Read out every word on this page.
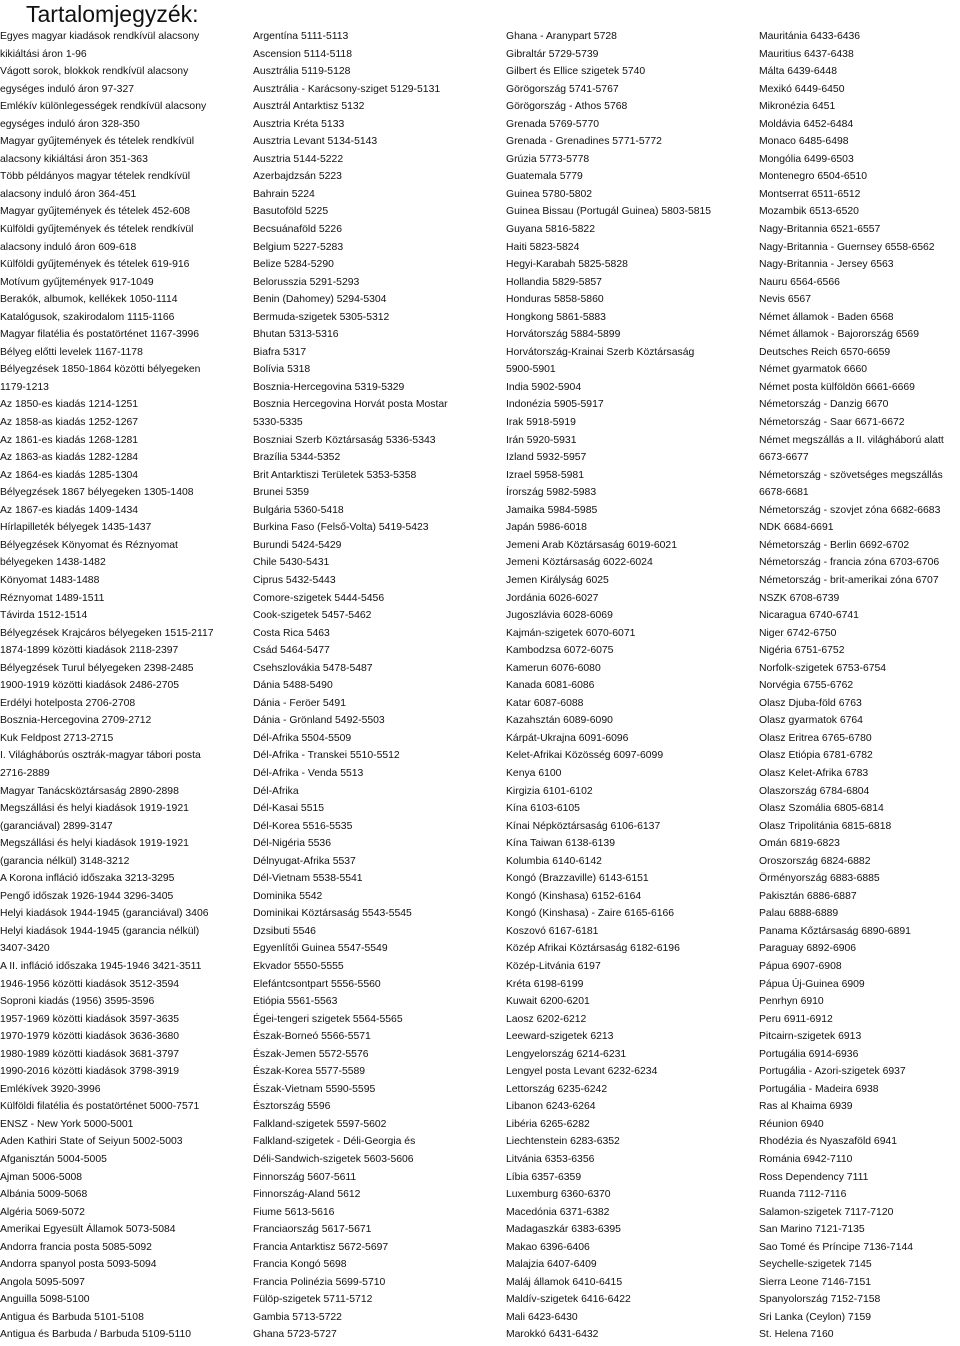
Tartalomjegyzék:
Egyes magyar kiadások rendkívül alacsony
kikiáltási áron 1-96
Vágott sorok, blokkok rendkívül alacsony
egységes induló áron 97-327
Emlékív különlegességek rendkívül alacsony
egységes induló áron 328-350
Magyar gyűjtemények és tételek rendkívül
alacsony kikiáltási áron 351-363
Több példányos magyar tételek rendkívül
alacsony induló áron 364-451
Magyar gyűjtemények és tételek 452-608
Külföldi gyűjtemények és tételek rendkívül
alacsony induló áron 609-618
Külföldi gyűjtemények és tételek 619-916
Motívum gyűjtemények 917-1049
Berakók, albumok, kellékek 1050-1114
Katalógusok, szakirodalom 1115-1166
Magyar filatélia és postatörténet 1167-3996
Bélyeg előtti levelek 1167-1178
Bélyegzések 1850-1864 közötti bélyegeken
1179-1213
Az 1850-es kiadás 1214-1251
Az 1858-as kiadás 1252-1267
Az 1861-es kiadás 1268-1281
Az 1863-as kiadás 1282-1284
Az 1864-es kiadás 1285-1304
Bélyegzések 1867 bélyegeken 1305-1408
Az 1867-es kiadás 1409-1434
Hírlapilleték bélyegek 1435-1437
Bélyegzések Könyomat és Réznyomat
bélyegeken 1438-1482
Könyomat 1483-1488
Réznyomat 1489-1511
Távirda 1512-1514
Bélyegzések Krajcáros bélyegeken 1515-2117
1874-1899 közötti kiadások 2118-2397
Bélyegzések Turul bélyegeken 2398-2485
1900-1919 közötti kiadások 2486-2705
Erdélyi hotelposta 2706-2708
Bosznia-Hercegovina 2709-2712
Kuk Feldpost 2713-2715
I. Világháborús osztrák-magyar tábori posta
2716-2889
Magyar Tanácsköztársaság 2890-2898
Megszállási és helyi kiadások 1919-1921
(garanciával) 2899-3147
Megszállási és helyi kiadások 1919-1921
(garancia nélkül) 3148-3212
A Korona infláció időszaka 3213-3295
Pengő időszak 1926-1944 3296-3405
Helyi kiadások 1944-1945 (garanciával) 3406
Helyi kiadások 1944-1945 (garancia nélkül)
3407-3420
A II. infláció időszaka 1945-1946 3421-3511
1946-1956 közötti kiadások 3512-3594
Soproni kiadás (1956) 3595-3596
1957-1969 közötti kiadások 3597-3635
1970-1979 közötti kiadások 3636-3680
1980-1989 közötti kiadások 3681-3797
1990-2016 közötti kiadások 3798-3919
Emlékívek 3920-3996
Külföldi filatélia és postatörténet 5000-7571
ENSZ - New York 5000-5001
Aden Kathiri State of Seiyun 5002-5003
Afganisztán 5004-5005
Ajman 5006-5008
Albánia 5009-5068
Algéria 5069-5072
Amerikai Egyesült Államok 5073-5084
Andorra francia posta 5085-5092
Andorra spanyol posta 5093-5094
Angola 5095-5097
Anguilla 5098-5100
Antigua és Barbuda 5101-5108
Antigua és Barbuda / Barbuda 5109-5110
Argentína 5111-5113
Ascension 5114-5118
Ausztrália 5119-5128
Ausztrália - Karácsony-sziget 5129-5131
Ausztrál Antarktisz 5132
Ausztria Kréta 5133
Ausztria Levant 5134-5143
Ausztria 5144-5222
Azerbajdzsán 5223
Bahrain 5224
Basutoföld 5225
Becsuánaföld 5226
Belgium 5227-5283
Belize 5284-5290
Belorusszia 5291-5293
Benin (Dahomey) 5294-5304
Bermuda-szigetek 5305-5312
Bhutan 5313-5316
Biafra 5317
Bolívia 5318
Bosznia-Hercegovina 5319-5329
Bosznia Hercegovina Horvát posta Mostar
5330-5335
Boszniai Szerb Köztársaság 5336-5343
Brazília 5344-5352
Brit Antarktiszi Területek 5353-5358
Brunei 5359
Bulgária 5360-5418
Burkina Faso (Felső-Volta) 5419-5423
Burundi 5424-5429
Chile 5430-5431
Ciprus 5432-5443
Comore-szigetek 5444-5456
Cook-szigetek 5457-5462
Costa Rica 5463
Csád 5464-5477
Csehszlovákia 5478-5487
Dánia 5488-5490
Dánia - Feröer 5491
Dánia - Grönland 5492-5503
Dél-Afrika 5504-5509
Dél-Afrika - Transkei 5510-5512
Dél-Afrika - Venda 5513
Dél-Afrika
Dél-Kasai 5515
Dél-Korea 5516-5535
Dél-Nigéria 5536
Délnyugat-Afrika 5537
Dél-Vietnam 5538-5541
Dominika 5542
Dominikai Köztársaság 5543-5545
Dzsibuti 5546
Egyenlítői Guinea 5547-5549
Ekvador 5550-5555
Elefántcsontpart 5556-5560
Etiópia 5561-5563
Égei-tengeri szigetek 5564-5565
Észak-Borneó 5566-5571
Észak-Jemen 5572-5576
Észak-Korea 5577-5589
Észak-Vietnam 5590-5595
Észtország 5596
Falkland-szigetek 5597-5602
Falkland-szigetek - Déli-Georgia és
Déli-Sandwich-szigetek 5603-5606
Finnország 5607-5611
Finnország-Aland 5612
Fiume 5613-5616
Franciaország 5617-5671
Francia Antarktisz 5672-5697
Francia Kongó 5698
Francia Polinézia 5699-5710
Fülöp-szigetek 5711-5712
Gambia 5713-5722
Ghana 5723-5727
Ghana - Aranypart 5728
Gibraltár 5729-5739
Gilbert és Ellice szigetek 5740
Görögország 5741-5767
Görögország - Athos 5768
Grenada 5769-5770
Grenada - Grenadines 5771-5772
Grúzia 5773-5778
Guatemala 5779
Guinea 5780-5802
Guinea Bissau (Portugál Guinea) 5803-5815
Guyana 5816-5822
Haiti 5823-5824
Hegyi-Karabah 5825-5828
Hollandia 5829-5857
Honduras 5858-5860
Hongkong 5861-5883
Horvátország 5884-5899
Horvátország-Krainai Szerb Köztársaság
5900-5901
India 5902-5904
Indonézia 5905-5917
Irak 5918-5919
Irán 5920-5931
Izland 5932-5957
Izrael 5958-5981
Írország 5982-5983
Jamaika 5984-5985
Japán 5986-6018
Jemeni Arab Köztársaság 6019-6021
Jemeni Köztársaság 6022-6024
Jemen Királyság 6025
Jordánia 6026-6027
Jugoszlávia 6028-6069
Kajmán-szigetek 6070-6071
Kambodzsa 6072-6075
Kamerun 6076-6080
Kanada 6081-6086
Katar 6087-6088
Kazahsztán 6089-6090
Kárpát-Ukrajna 6091-6096
Kelet-Afrikai Közösség 6097-6099
Kenya 6100
Kirgizia 6101-6102
Kína 6103-6105
Kínai Népköztársaság 6106-6137
Kína Taiwan 6138-6139
Kolumbia 6140-6142
Kongó (Brazzaville) 6143-6151
Kongó (Kinshasa) 6152-6164
Kongó (Kinshasa) - Zaire 6165-6166
Koszovó 6167-6181
Közép Afrikai Köztársaság 6182-6196
Közép-Litvánia 6197
Kréta 6198-6199
Kuwait 6200-6201
Laosz 6202-6212
Leeward-szigetek 6213
Lengyelország 6214-6231
Lengyel posta Levant 6232-6234
Lettország 6235-6242
Libanon 6243-6264
Libéria 6265-6282
Liechtenstein 6283-6352
Litvánia 6353-6356
Líbia 6357-6359
Luxemburg 6360-6370
Macedónia 6371-6382
Madagaszkár 6383-6395
Makao 6396-6406
Malajzia 6407-6409
Maláj államok 6410-6415
Maldív-szigetek 6416-6422
Mali 6423-6430
Marokkó 6431-6432
Mauritánia 6433-6436
Mauritius 6437-6438
Málta 6439-6448
Mexikó 6449-6450
Mikronézia 6451
Moldávia 6452-6484
Monaco 6485-6498
Mongólia 6499-6503
Montenegro 6504-6510
Montserrat 6511-6512
Mozambik 6513-6520
Nagy-Britannia 6521-6557
Nagy-Britannia - Guernsey 6558-6562
Nagy-Britannia - Jersey 6563
Nauru 6564-6566
Nevis 6567
Német államok - Baden 6568
Német államok - Bajorország 6569
Deutsches Reich 6570-6659
Német gyarmatok 6660
Német posta külföldön 6661-6669
Németország - Danzig 6670
Németország - Saar 6671-6672
Német megszállás a II. világháború alatt
6673-6677
Németország - szövetséges megszállás
6678-6681
Németország - szovjet zóna 6682-6683
NDK 6684-6691
Németország - Berlin 6692-6702
Németország - francia zóna 6703-6706
Németország - brit-amerikai zóna 6707
NSZK 6708-6739
Nicaragua 6740-6741
Niger 6742-6750
Nigéria 6751-6752
Norfolk-szigetek 6753-6754
Norvégia 6755-6762
Olasz Djuba-föld 6763
Olasz gyarmatok 6764
Olasz Eritrea 6765-6780
Olasz Etiópia 6781-6782
Olasz Kelet-Afrika 6783
Olaszország 6784-6804
Olasz Szomália 6805-6814
Olasz Tripolitánia 6815-6818
Omán 6819-6823
Oroszország 6824-6882
Örményország 6883-6885
Pakisztán 6886-6887
Palau 6888-6889
Panama Kőztársaság 6890-6891
Paraguay 6892-6906
Pápua 6907-6908
Pápua Új-Guinea 6909
Penrhyn 6910
Peru 6911-6912
Pitcairn-szigetek 6913
Portugália 6914-6936
Portugália - Azori-szigetek 6937
Portugália - Madeira 6938
Ras al Khaima 6939
Réunion 6940
Rhodézia és Nyaszaföld 6941
Románia 6942-7110
Ross Dependency 7111
Ruanda 7112-7116
Salamon-szigetek 7117-7120
San Marino 7121-7135
Sao Tomé és Príncipe 7136-7144
Seychelle-szigetek 7145
Sierra Leone 7146-7151
Spanyolország 7152-7158
Sri Lanka (Ceylon) 7159
St. Helena 7160
